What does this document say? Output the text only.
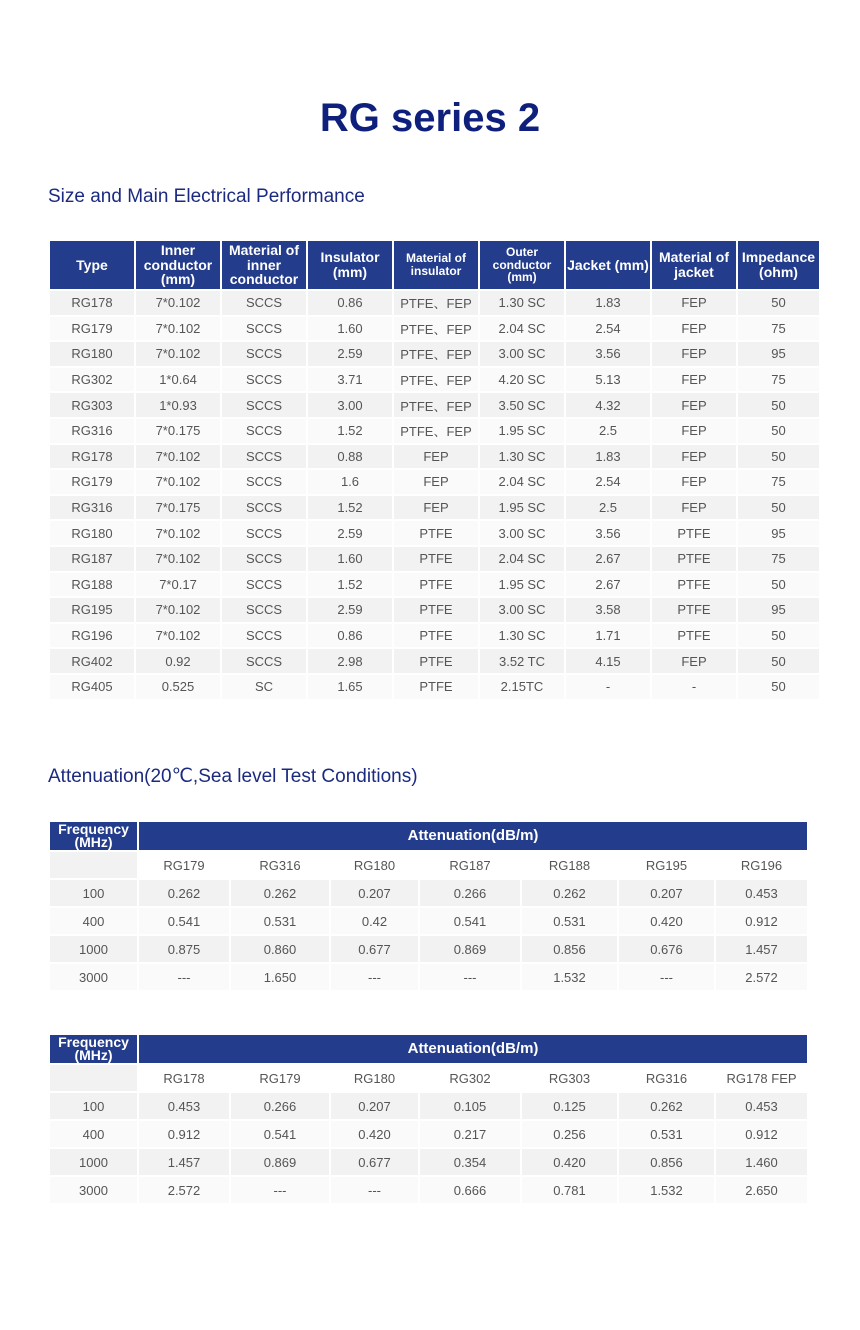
RG series 2
Size and Main Electrical Performance
Type	Inner conductor (mm)	Material of inner conductor	Insulator (mm)	Material of insulator	Outer conductor (mm)	Jacket (mm)	Material of jacket	Impedance (ohm)
RG178	7*0.102	SCCS	0.86	PTFE、FEP	1.30 SC	1.83	FEP	50
RG179	7*0.102	SCCS	1.60	PTFE、FEP	2.04 SC	2.54	FEP	75
RG180	7*0.102	SCCS	2.59	PTFE、FEP	3.00 SC	3.56	FEP	95
RG302	1*0.64	SCCS	3.71	PTFE、FEP	4.20 SC	5.13	FEP	75
RG303	1*0.93	SCCS	3.00	PTFE、FEP	3.50 SC	4.32	FEP	50
RG316	7*0.175	SCCS	1.52	PTFE、FEP	1.95 SC	2.5	FEP	50
RG178	7*0.102	SCCS	0.88	FEP	1.30 SC	1.83	FEP	50
RG179	7*0.102	SCCS	1.6	FEP	2.04 SC	2.54	FEP	75
RG316	7*0.175	SCCS	1.52	FEP	1.95 SC	2.5	FEP	50
RG180	7*0.102	SCCS	2.59	PTFE	3.00 SC	3.56	PTFE	95
RG187	7*0.102	SCCS	1.60	PTFE	2.04 SC	2.67	PTFE	75
RG188	7*0.17	SCCS	1.52	PTFE	1.95 SC	2.67	PTFE	50
RG195	7*0.102	SCCS	2.59	PTFE	3.00 SC	3.58	PTFE	95
RG196	7*0.102	SCCS	0.86	PTFE	1.30 SC	1.71	PTFE	50
RG402	0.92	SCCS	2.98	PTFE	3.52 TC	4.15	FEP	50
RG405	0.525	SC	1.65	PTFE	2.15TC	-	-	50
Attenuation(20℃,Sea level Test Conditions)
Frequency (MHz)	Attenuation(dB/m)						
	RG179	RG316	RG180	RG187	RG188	RG195	RG196
100	0.262	0.262	0.207	0.266	0.262	0.207	0.453
400	0.541	0.531	0.42	0.541	0.531	0.420	0.912
1000	0.875	0.860	0.677	0.869	0.856	0.676	1.457
3000	---	1.650	---	---	1.532	---	2.572
Frequency (MHz)	Attenuation(dB/m)						
	RG178	RG179	RG180	RG302	RG303	RG316	RG178 FEP
100	0.453	0.266	0.207	0.105	0.125	0.262	0.453
400	0.912	0.541	0.420	0.217	0.256	0.531	0.912
1000	1.457	0.869	0.677	0.354	0.420	0.856	1.460
3000	2.572	---	---	0.666	0.781	1.532	2.650
